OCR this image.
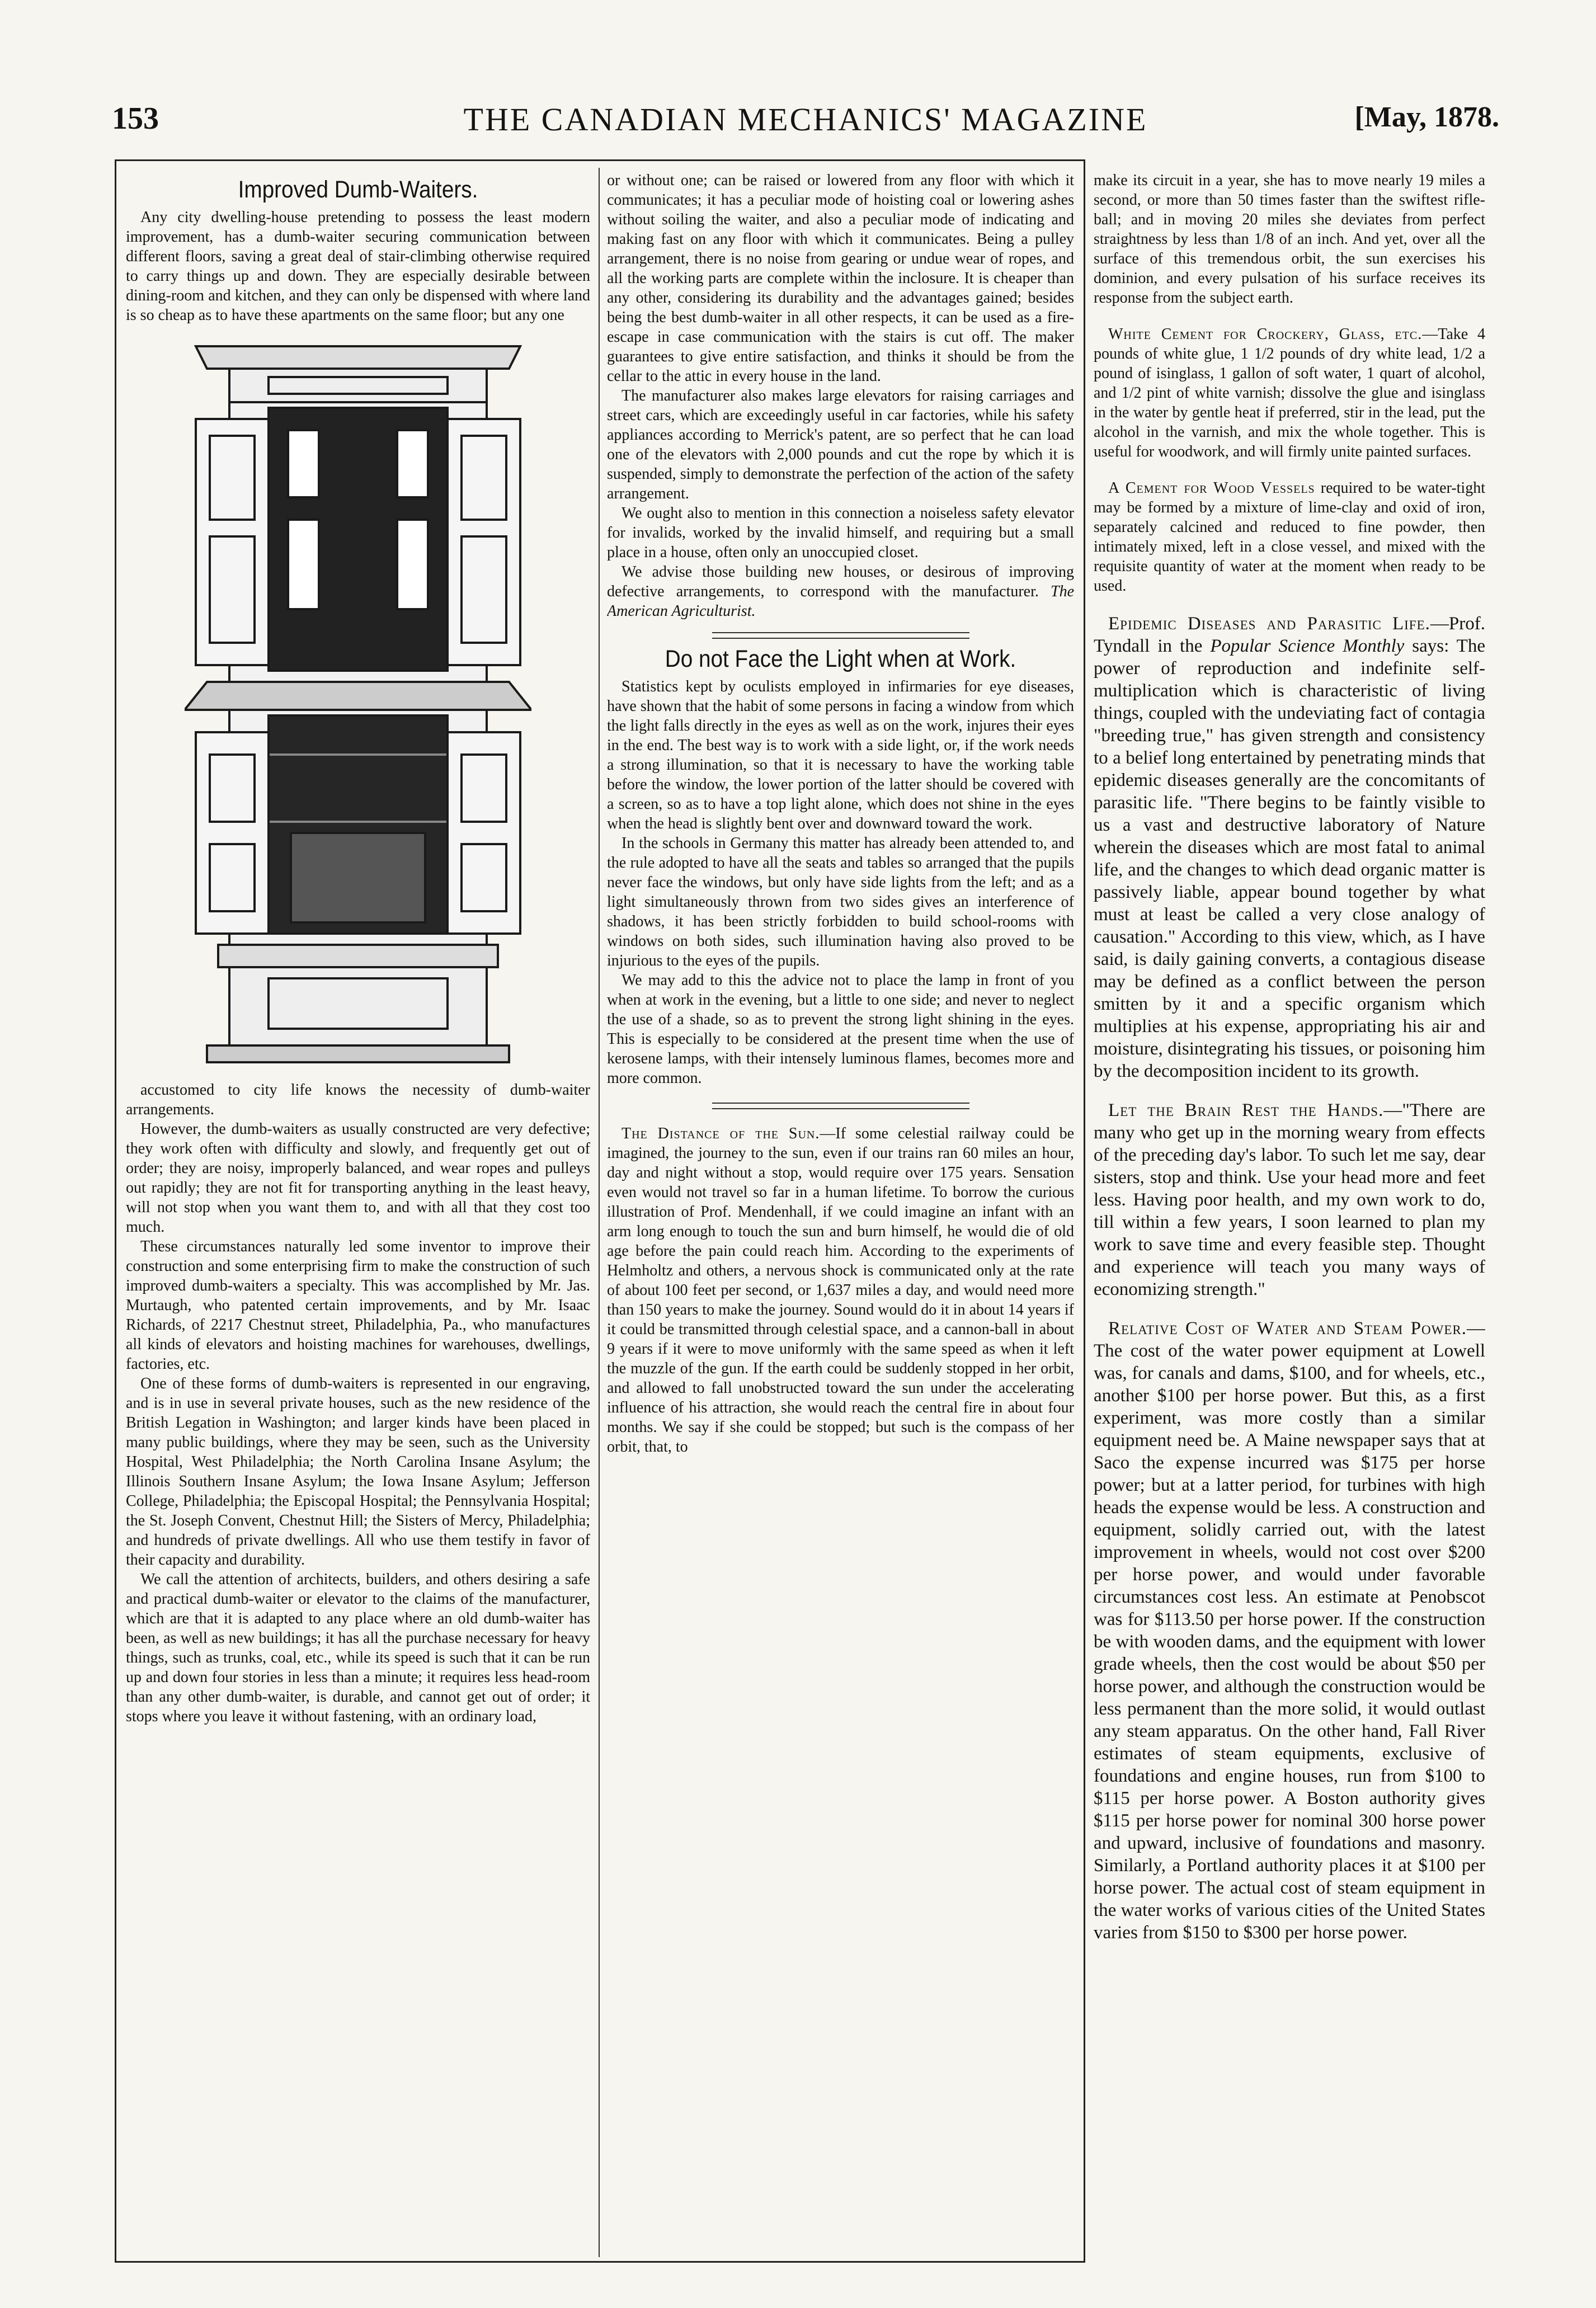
153	THE CANADIAN MECHANICS' MAGAZINE	[May, 1878.
Improved Dumb-Waiters.

Any city dwelling-house pretending to possess the least modern improvement, has a dumb-waiter securing communication between different floors, saving a great deal of stair-climbing otherwise required to carry things up and down. They are especially desirable between dining-room and kitchen, and they can only be dispensed with where land is so cheap as to have these apartments on the same floor; but any one

accustomed to city life knows the necessity of dumb-waiter arrangements.

However, the dumb-waiters as usually constructed are very defective; they work often with difficulty and slowly, and frequently get out of order; they are noisy, improperly balanced, and wear ropes and pulleys out rapidly; they are not fit for transporting anything in the least heavy, will not stop when you want them to, and with all that they cost too much.

These circumstances naturally led some inventor to improve their construction and some enterprising firm to make the construction of such improved dumb-waiters a specialty. This was accomplished by Mr. Jas. Murtaugh, who patented certain improvements, and by Mr. Isaac Richards, of 2217 Chestnut street, Philadelphia, Pa., who manufactures all kinds of elevators and hoisting machines for warehouses, dwellings, factories, etc.

One of these forms of dumb-waiters is represented in our engraving, and is in use in several private houses, such as the new residence of the British Legation in Washington; and larger kinds have been placed in many public buildings, where they may be seen, such as the University Hospital, West Philadelphia; the North Carolina Insane Asylum; the Illinois Southern Insane Asylum; the Iowa Insane Asylum; Jefferson College, Philadelphia; the Episcopal Hospital; the Pennsylvania Hospital; the St. Joseph Convent, Chestnut Hill; the Sisters of Mercy, Philadelphia; and hundreds of private dwellings. All who use them testify in favor of their capacity and durability.

We call the attention of architects, builders, and others desiring a safe and practical dumb-waiter or elevator to the claims of the manufacturer, which are that it is adapted to any place where an old dumb-waiter has been, as well as new buildings; it has all the purchase necessary for heavy things, such as trunks, coal, etc., while its speed is such that it can be run up and down four stories in less than a minute; it requires less head-room than any other dumb-waiter, is durable, and cannot get out of order; it stops where you leave it without fastening, with an ordinary load,

or without one; can be raised or lowered from any floor with which it communicates; it has a peculiar mode of hoisting coal or lowering ashes without soiling the waiter, and also a peculiar mode of indicating and making fast on any floor with which it communicates. Being a pulley arrangement, there is no noise from gearing or undue wear of ropes, and all the working parts are complete within the inclosure. It is cheaper than any other, considering its durability and the advantages gained; besides being the best dumb-waiter in all other respects, it can be used as a fire-escape in case communication with the stairs is cut off. The maker guarantees to give entire satisfaction, and thinks it should be from the cellar to the attic in every house in the land.

The manufacturer also makes large elevators for raising carriages and street cars, which are exceedingly useful in car factories, while his safety appliances according to Merrick's patent, are so perfect that he can load one of the elevators with 2,000 pounds and cut the rope by which it is suspended, simply to demonstrate the perfection of the action of the safety arrangement.

We ought also to mention in this connection a noiseless safety elevator for invalids, worked by the invalid himself, and requiring but a small place in a house, often only an unoccupied closet.

We advise those building new houses, or desirous of improving defective arrangements, to correspond with the manufacturer. The American Agriculturist.

Do not Face the Light when at Work.

Statistics kept by oculists employed in infirmaries for eye diseases, have shown that the habit of some persons in facing a window from which the light falls directly in the eyes as well as on the work, injures their eyes in the end. The best way is to work with a side light, or, if the work needs a strong illumination, so that it is necessary to have the working table before the window, the lower portion of the latter should be covered with a screen, so as to have a top light alone, which does not shine in the eyes when the head is slightly bent over and downward toward the work.

In the schools in Germany this matter has already been attended to, and the rule adopted to have all the seats and tables so arranged that the pupils never face the windows, but only have side lights from the left; and as a light simultaneously thrown from two sides gives an interference of shadows, it has been strictly forbidden to build school-rooms with windows on both sides, such illumination having also proved to be injurious to the eyes of the pupils.

We may add to this the advice not to place the lamp in front of you when at work in the evening, but a little to one side; and never to neglect the use of a shade, so as to prevent the strong light shining in the eyes. This is especially to be considered at the present time when the use of kerosene lamps, with their intensely luminous flames, becomes more and more common.

The Distance of the Sun.—If some celestial railway could be imagined, the journey to the sun, even if our trains ran 60 miles an hour, day and night without a stop, would require over 175 years. Sensation even would not travel so far in a human lifetime. To borrow the curious illustration of Prof. Mendenhall, if we could imagine an infant with an arm long enough to touch the sun and burn himself, he would die of old age before the pain could reach him. According to the experiments of Helmholtz and others, a nervous shock is communicated only at the rate of about 100 feet per second, or 1,637 miles a day, and would need more than 150 years to make the journey. Sound would do it in about 14 years if it could be transmitted through celestial space, and a cannon-ball in about 9 years if it were to move uniformly with the same speed as when it left the muzzle of the gun. If the earth could be suddenly stopped in her orbit, and allowed to fall unobstructed toward the sun under the accelerating influence of his attraction, she would reach the central fire in about four months. We say if she could be stopped; but such is the compass of her orbit, that, to

make its circuit in a year, she has to move nearly 19 miles a second, or more than 50 times faster than the swiftest rifle-ball; and in moving 20 miles she deviates from perfect straightness by less than 1/8 of an inch. And yet, over all the surface of this tremendous orbit, the sun exercises his dominion, and every pulsation of his surface receives its response from the subject earth.

White Cement for Crockery, Glass, etc.—Take 4 pounds of white glue, 1 1/2 pounds of dry white lead, 1/2 a pound of isinglass, 1 gallon of soft water, 1 quart of alcohol, and 1/2 pint of white varnish; dissolve the glue and isinglass in the water by gentle heat if preferred, stir in the lead, put the alcohol in the varnish, and mix the whole together. This is useful for woodwork, and will firmly unite painted surfaces.

A Cement for Wood Vessels required to be water-tight may be formed by a mixture of lime-clay and oxid of iron, separately calcined and reduced to fine powder, then intimately mixed, left in a close vessel, and mixed with the requisite quantity of water at the moment when ready to be used.

Epidemic Diseases and Parasitic Life.—Prof. Tyndall in the Popular Science Monthly says: The power of reproduction and indefinite self-multiplication which is characteristic of living things, coupled with the undeviating fact of contagia "breeding true," has given strength and consistency to a belief long entertained by penetrating minds that epidemic diseases generally are the concomitants of parasitic life. "There begins to be faintly visible to us a vast and destructive laboratory of Nature wherein the diseases which are most fatal to animal life, and the changes to which dead organic matter is passively liable, appear bound together by what must at least be called a very close analogy of causation." According to this view, which, as I have said, is daily gaining converts, a contagious disease may be defined as a conflict between the person smitten by it and a specific organism which multiplies at his expense, appropriating his air and moisture, disintegrating his tissues, or poisoning him by the decomposition incident to its growth.

Let the Brain Rest the Hands.—"There are many who get up in the morning weary from effects of the preceding day's labor. To such let me say, dear sisters, stop and think. Use your head more and feet less. Having poor health, and my own work to do, till within a few years, I soon learned to plan my work to save time and every feasible step. Thought and experience will teach you many ways of economizing strength."

Relative Cost of Water and Steam Power.—The cost of the water power equipment at Lowell was, for canals and dams, $100, and for wheels, etc., another $100 per horse power. But this, as a first experiment, was more costly than a similar equipment need be. A Maine newspaper says that at Saco the expense incurred was $175 per horse power; but at a latter period, for turbines with high heads the expense would be less. A construction and equipment, solidly carried out, with the latest improvement in wheels, would not cost over $200 per horse power, and would under favorable circumstances cost less. An estimate at Penobscot was for $113.50 per horse power. If the construction be with wooden dams, and the equipment with lower grade wheels, then the cost would be about $50 per horse power, and although the construction would be less permanent than the more solid, it would outlast any steam apparatus. On the other hand, Fall River estimates of steam equipments, exclusive of foundations and engine houses, run from $100 to $115 per horse power. A Boston authority gives $115 per horse power for nominal 300 horse power and upward, inclusive of foundations and masonry. Similarly, a Portland authority places it at $100 per horse power. The actual cost of steam equipment in the water works of various cities of the United States varies from $150 to $300 per horse power.
